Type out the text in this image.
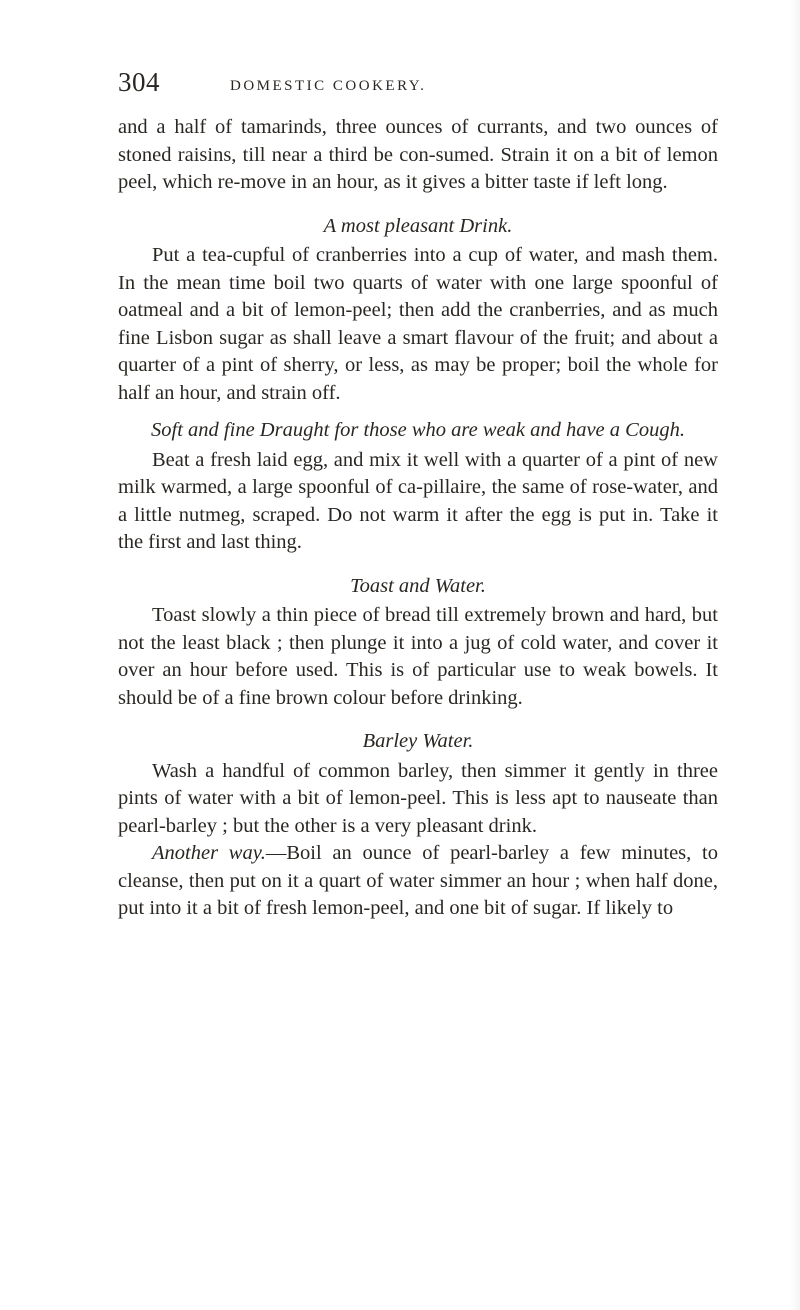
304	DOMESTIC COOKERY.

and a half of tamarinds, three ounces of currants, and two ounces of stoned raisins, till near a third be con-sumed. Strain it on a bit of lemon peel, which re-move in an hour, as it gives a bitter taste if left long.

A most pleasant Drink.

Put a tea-cupful of cranberries into a cup of water, and mash them. In the mean time boil two quarts of water with one large spoonful of oatmeal and a bit of lemon-peel; then add the cranberries, and as much fine Lisbon sugar as shall leave a smart flavour of the fruit; and about a quarter of a pint of sherry, or less, as may be proper; boil the whole for half an hour, and strain off.

Soft and fine Draught for those who are weak and have a Cough.

Beat a fresh laid egg, and mix it well with a quarter of a pint of new milk warmed, a large spoonful of ca-pillaire, the same of rose-water, and a little nutmeg, scraped. Do not warm it after the egg is put in. Take it the first and last thing.

Toast and Water.

Toast slowly a thin piece of bread till extremely brown and hard, but not the least black ; then plunge it into a jug of cold water, and cover it over an hour before used. This is of particular use to weak bowels. It should be of a fine brown colour before drinking.

Barley Water.

Wash a handful of common barley, then simmer it gently in three pints of water with a bit of lemon-peel. This is less apt to nauseate than pearl-barley ; but the other is a very pleasant drink.

Another way.—Boil an ounce of pearl-barley a few minutes, to cleanse, then put on it a quart of water simmer an hour ; when half done, put into it a bit of fresh lemon-peel, and one bit of sugar. If likely to
